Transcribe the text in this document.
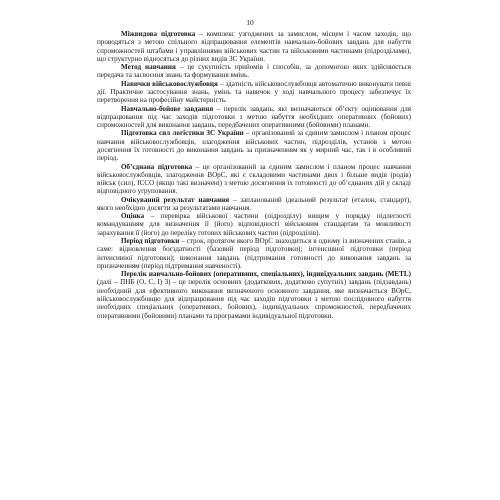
10

Міжвидова підготовка – комплекс узгоджених за замислом, місцем і часом заходів, що проводяться з метою спільного відпрацювання елементів навчально-бойових завдань для набуття спроможностей штабами і управліннями військових частин та військовими частинами (підрозділами), що структурно відносяться до різних видів ЗС України.

Метод навчання – це сукупність прийомів і способів, за допомогою яких здійснюється передача та засвоєння знань та формування вмінь.

Навички військовослужбовця – здатність військовослужбовця автоматично виконувати певні дії. Практичне застосування знань, умінь та навичок у ході навчального процесу забезпечує їх перетворення на професійну майстерність.

Навчально-бойове завдання – перелік завдань, які визначаються об’єкту оцінювання для відпрацювання під час заходів підготовки з метою набуття необхідних оперативних (бойових) спроможностей для виконання завдань, передбачених оперативними (бойовими) планами.

Підготовка сил логістики ЗС України – організований за єдиним замислом і планом процес навчання військовослужбовців, злагодження військових частин, підрозділів, установ з метою досягнення їх готовності до виконання завдань за призначенням як у мирний час, так і в особливий період.

Об’єднана підготовка – це організований за єдиним замислом і планом процес навчання військовослужбовців, злагодження ВОрС, які є складовими частинами двох і більше видів (родів) військ (сил), ІССО (якщо такі визначені) з метою досягнення їх готовності до об’єднаних дій у складі відповідного угруповання.

Очікуваний результат навчання – запланований ідеальний результат (еталон, стандарт), якого необхідно досягти за результатами навчання.

Оцінка – перевірка військової частини (підрозділу) вищим у порядку підлеглості командуванням для визначення її (його) відповідності військовим стандартам та можливості зарахування її (його) до переліку готових військових частин (підрозділів).

Період підготовки – строк, протягом якого ВОрС знаходиться в одному із визначених станів, а саме: відновлення боєздатності (базовий період підготовки); інтенсивної підготовки (період інтенсивної підготовки); виконання завдань (підтримання готовності до виконання завдань за призначенням (період підтримання навченості).

Перелік навчально-бойових (оперативних, спеціальних), індивідуальних завдань (METL) (далі – ПНБ (О, С, І) З) – це перелік основних (додаткових, додатково супутніх) завдань (підзавдань) необхідний для ефективного виконання визначеного основного завдання, яке визначається ВОрС, військовослужбовцю для відпрацювання під час заходів підготовки з метою послідовного набуття необхідних спеціальних (оперативних, бойових), індивідуальних спроможностей, передбачених оперативними (бойовими) планами та програмами індивідуальної підготовки.
